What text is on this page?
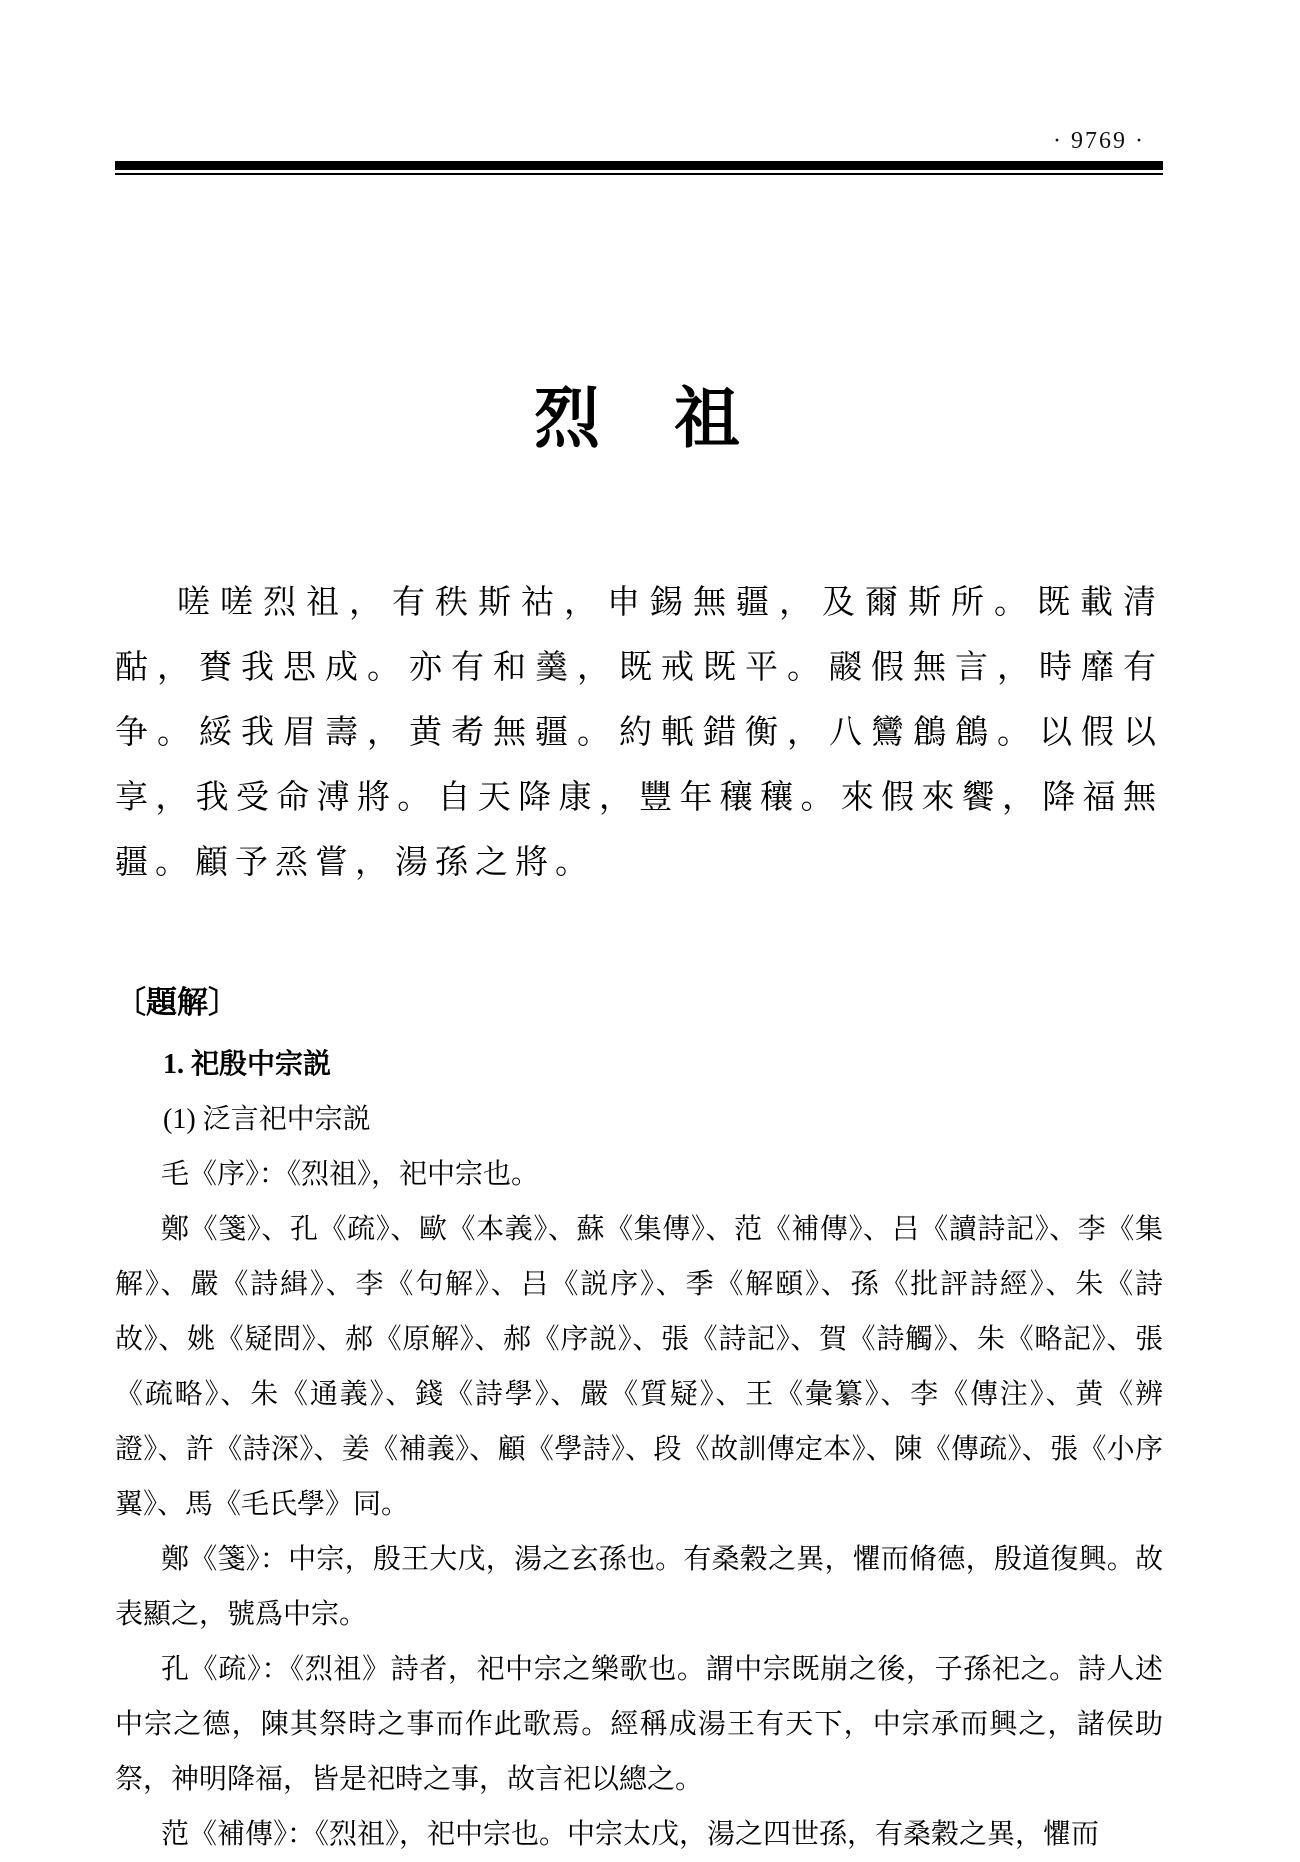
· 9769 ·
烈　祖

嗟嗟烈祖，有秩斯祜，申錫無疆，及爾斯所。既載清酤，賚我思成。亦有和羹，既戒既平。鬷假無言，時靡有争。綏我眉壽，黄耇無疆。約軝錯衡，八鸞鶬鶬。以假以享，我受命溥將。自天降康，豐年穰穰。來假來饗，降福無疆。顧予烝嘗，湯孫之將。

〔題解〕

1. 祀殷中宗説

(1) 泛言祀中宗説

毛《序》：《烈祖》，祀中宗也。

鄭《箋》、孔《疏》、歐《本義》、蘇《集傳》、范《補傳》、吕《讀詩記》、李《集解》、嚴《詩緝》、李《句解》、吕《説序》、季《解頤》、孫《批評詩經》、朱《詩故》、姚《疑問》、郝《原解》、郝《序説》、張《詩記》、賀《詩觸》、朱《略記》、張《疏略》、朱《通義》、錢《詩學》、嚴《質疑》、王《彙纂》、李《傳注》、黄《辨證》、許《詩深》、姜《補義》、顧《學詩》、段《故訓傳定本》、陳《傳疏》、張《小序翼》、馬《毛氏學》同。

鄭《箋》：中宗，殷王大戊，湯之玄孫也。有桑穀之異，懼而脩德，殷道復興。故表顯之，號爲中宗。

孔《疏》：《烈祖》詩者，祀中宗之樂歌也。謂中宗既崩之後，子孫祀之。詩人述中宗之德，陳其祭時之事而作此歌焉。經稱成湯王有天下，中宗承而興之，諸侯助祭，神明降福，皆是祀時之事，故言祀以總之。

范《補傳》：《烈祖》，祀中宗也。中宗太戊，湯之四世孫，有桑穀之異，懼而
